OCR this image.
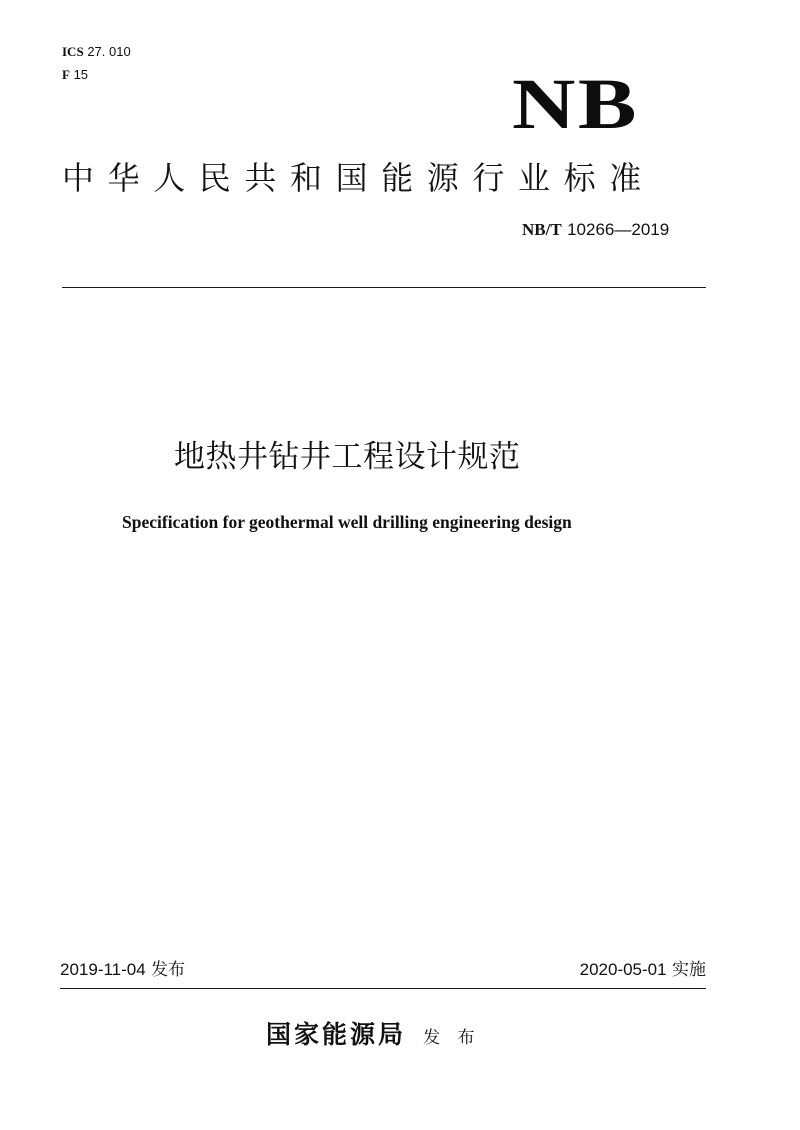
ICS 27. 010
F 15	NB
中华人民共和国能源行业标准
NB/T 10266—2019
地热井钻井工程设计规范
Specification for geothermal well drilling engineering design
2019-11-04 发布	2020-05-01 实施
国家能源局 发 布
